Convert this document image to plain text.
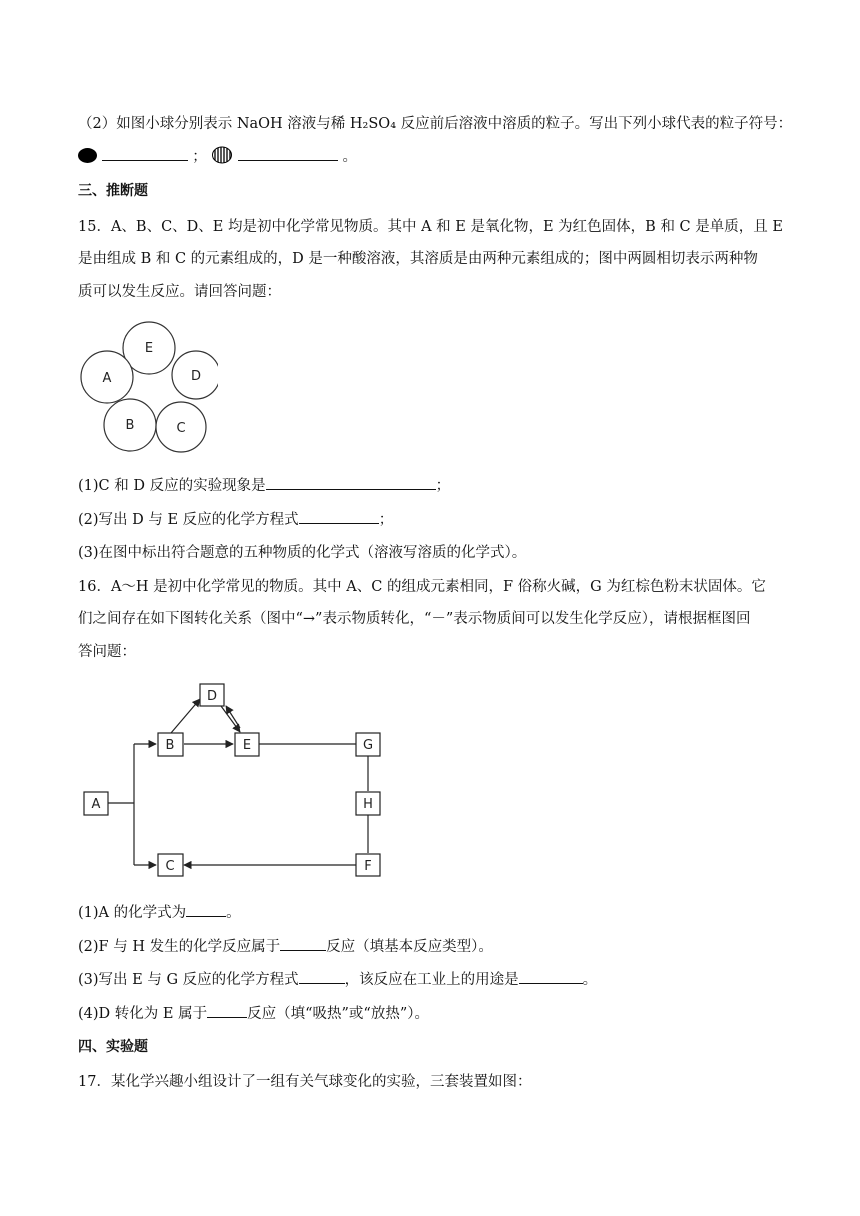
（2）如图小球分别表示 NaOH 溶液与稀 H₂SO₄ 反应前后溶液中溶质的粒子。写出下列小球代表的粒子符号：
；	。
三、推断题
15．A、B、C、D、E 均是初中化学常见物质。其中 A 和 E 是氧化物，E 为红色固体，B 和 C 是单质，且 E
是由组成 B 和 C 的元素组成的，D 是一种酸溶液，其溶质是由两种元素组成的；图中两圆相切表示两种物
质可以发生反应。请回答问题：
E
A	D
B	C
(1)C 和 D 反应的实验现象是	；
(2)写出 D 与 E 反应的化学方程式	；
(3)在图中标出符合题意的五种物质的化学式（溶液写溶质的化学式）。
16．A～H 是初中化学常见的物质。其中 A、C 的组成元素相同，F 俗称火碱，G 为红棕色粉末状固体。它
们之间存在如下图转化关系（图中“→”表示物质转化，“－”表示物质间可以发生化学反应），请根据框图回
答问题：
D
B	E	G
A	H
C	F
(1)A 的化学式为	。
(2)F 与 H 发生的化学反应属于	反应（填基本反应类型）。
(3)写出 E 与 G 反应的化学方程式	，该反应在工业上的用途是	。
(4)D 转化为 E 属于	反应（填“吸热”或“放热”）。
四、实验题
17．某化学兴趣小组设计了一组有关气球变化的实验，三套装置如图：
